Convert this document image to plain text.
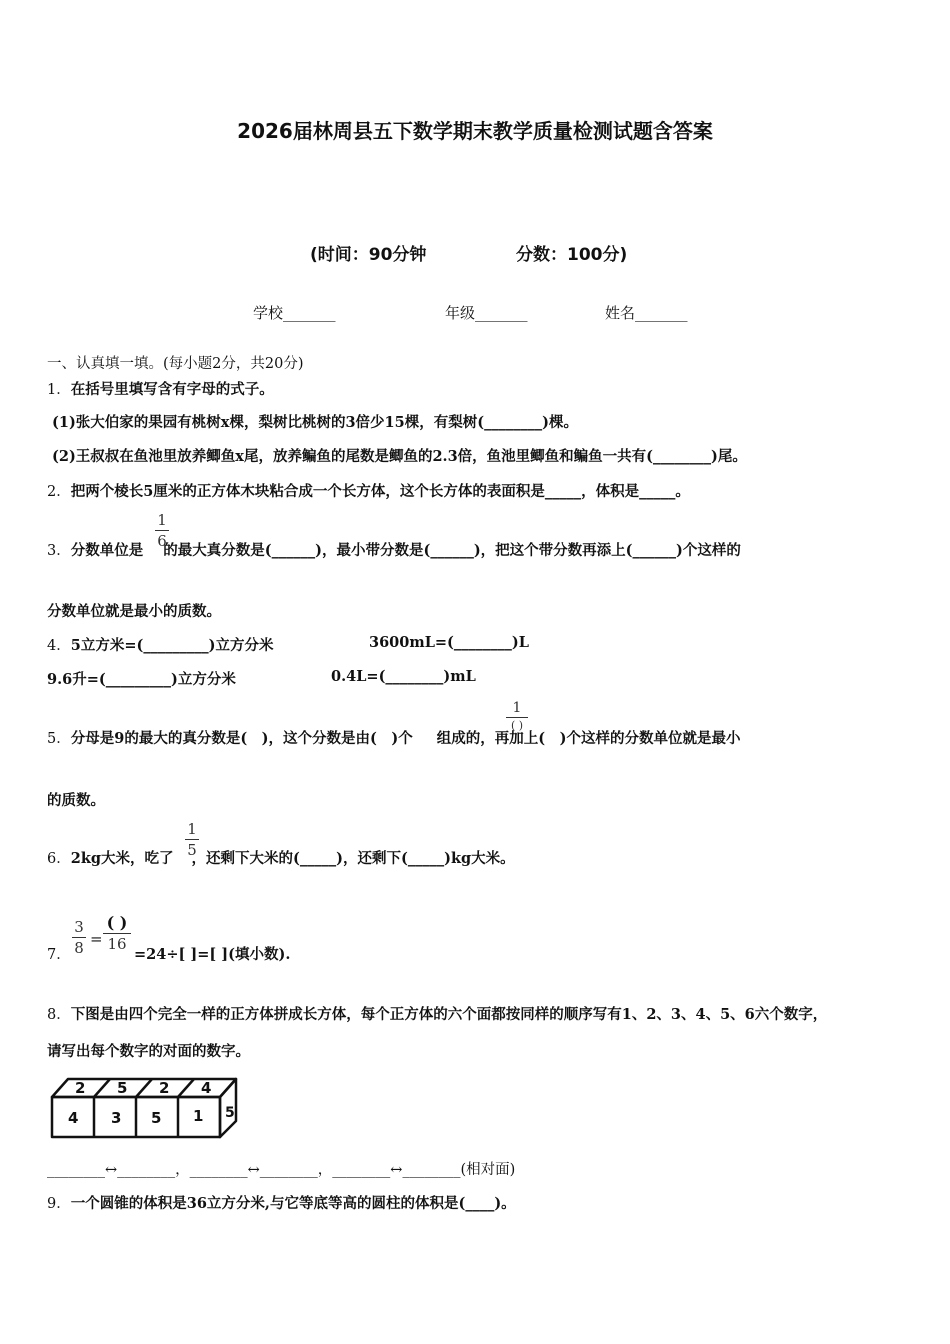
2026届林周县五下数学期末教学质量检测试题含答案
(时间：90分钟	分数：100分)
学校_______	年级_______	姓名_______
一、认真填一填。(每小题2分，共20分)
1．在括号里填写含有字母的式子。
(1)张大伯家的果园有桃树x棵，梨树比桃树的3倍少15棵，有梨树(________)棵。
(2)王叔叔在鱼池里放养鲫鱼x尾，放养鳊鱼的尾数是鲫鱼的2.3倍，鱼池里鲫鱼和鳊鱼一共有(________)尾。
2．把两个棱长5厘米的正方体木块粘合成一个长方体，这个长方体的表面积是_____，体积是_____。
3．分数单位是 的最大真分数是(______)，最小带分数是(______)，把这个带分数再添上(______)个这样的
1
6
分数单位就是最小的质数。
4．5立方米=(_________)立方分米	3600mL=(________)L
9.6升=(_________)立方分米	0.4L=(________)mL
5．分母是9的最大的真分数是(　)，这个分数是由(　)个 组成的，再加上(　)个这样的分数单位就是最小
1
( )
的质数。
6．2kg大米，吃了 ，还剩下大米的(_____)，还剩下(_____)kg大米。
1
5
7．
3
8 =
( )
16
=24÷[ ]=[ ](填小数).
8．下图是由四个完全一样的正方体拼成长方体，每个正方体的六个面都按同样的顺序写有1、2、3、4、5、6六个数字，
请写出每个数字的对面的数字。
2 5 2 4
4 3 5 1 5
________↔________，________↔________，________↔________(相对面)
9．一个圆锥的体积是36立方分米,与它等底等高的圆柱的体积是(____)。
